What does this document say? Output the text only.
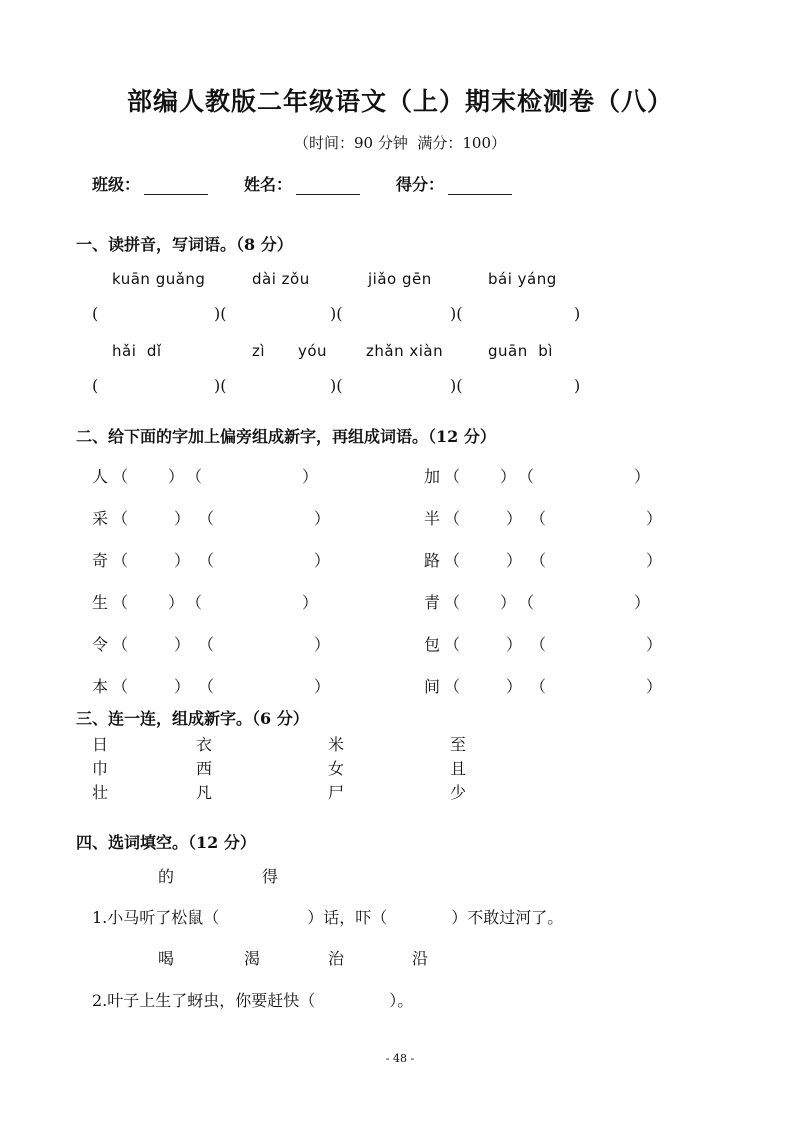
部编人教版二年级语文（上）期末检测卷（八）
（时间：90 分钟  满分：100）
班级：	姓名：	得分：
一、读拼音，写词语。（8 分）
kuān guǎng	dài zǒu	jiǎo gēn	bái yáng
(	)(	)(	)(	)
hǎi  dǐ	zì yóu	zhǎn xiàn	guān  bì
(	)(	)(	)(	)
二、给下面的字加上偏旁组成新字，再组成词语。（12 分）
人 （ ） （	）	加 （ ） （	）
采 （	） （	）	半 （	） （	）
奇 （	） （	）	路 （	） （	）
生 （ ） （	）	青 （ ） （	）
令 （	） （	）	包 （	） （	）
本 （	） （	）	间 （	） （	）
三、连一连，组成新字。（6 分）
日	衣	米	至
巾	西	女	且
壮	凡	尸	少
四、选词填空。（12 分）
的	得
1.小马听了松鼠（	）话，吓（	）不敢过河了。
喝	渴	治	沿
2.叶子上生了蚜虫，你要赶快（	）。
- 48 -
